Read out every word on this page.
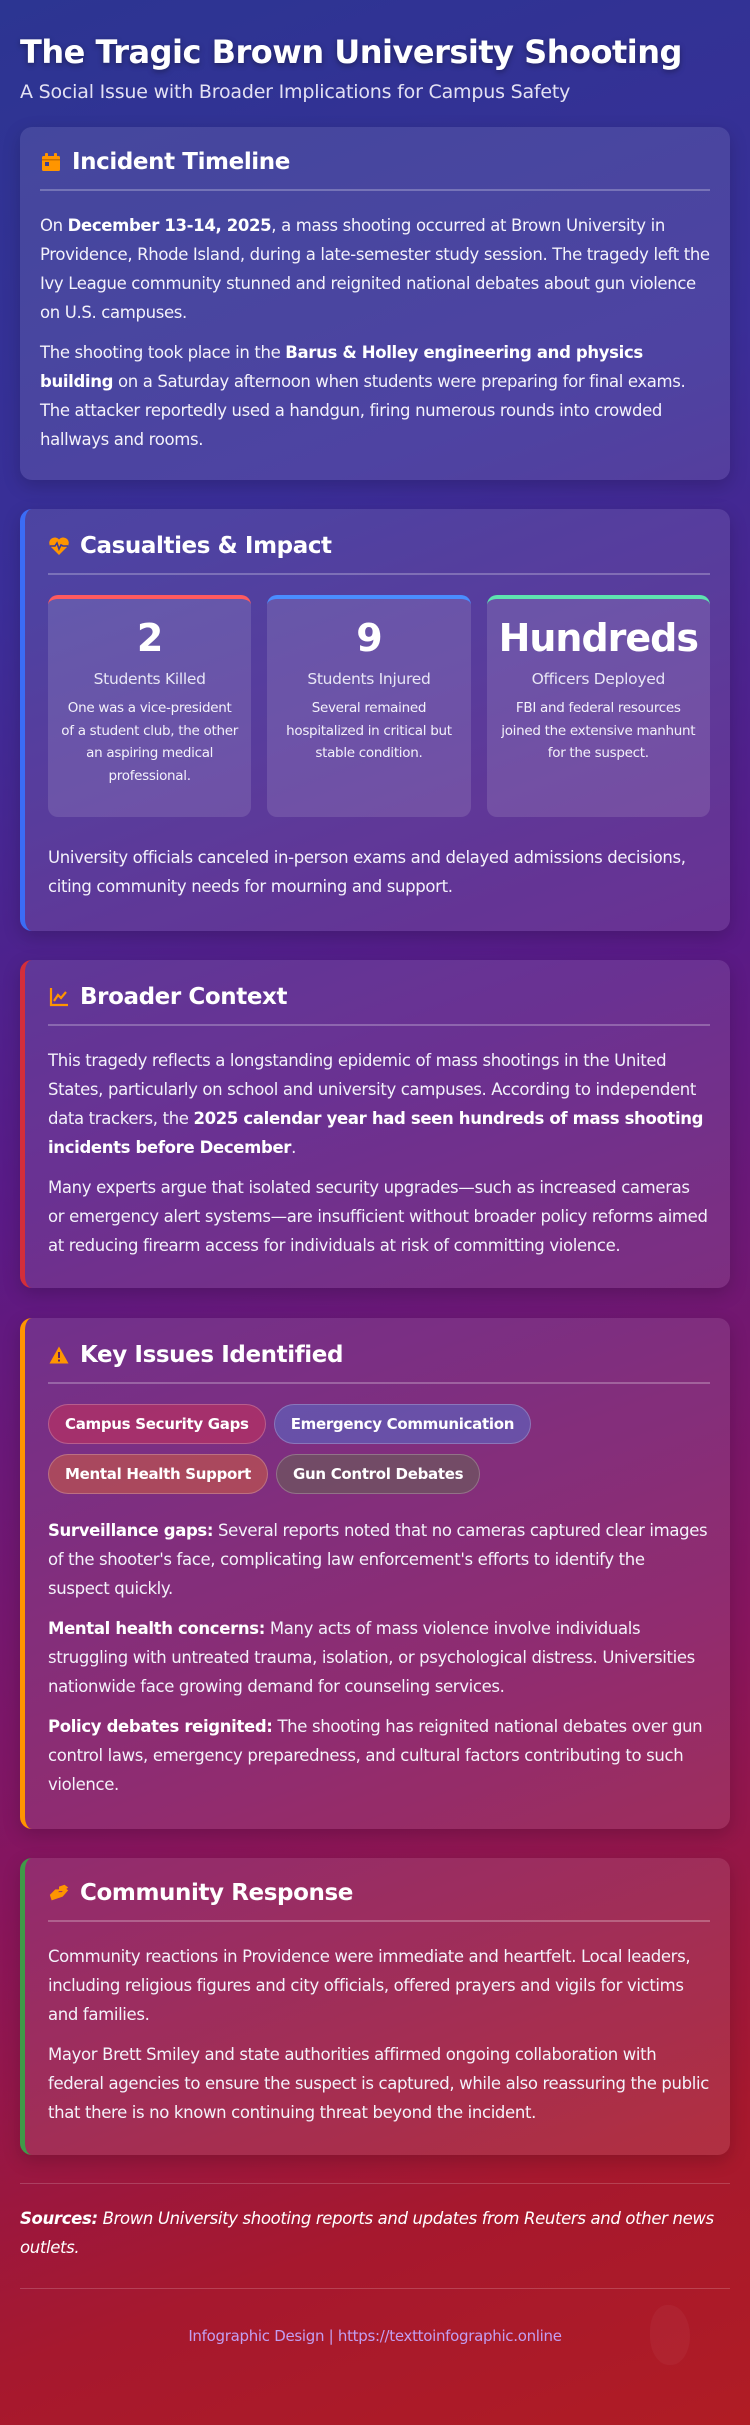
The Tragic Brown University Shooting
A Social Issue with Broader Implications for Campus Safety
Incident Timeline

On December 13-14, 2025, a mass shooting occurred at Brown University in Providence, Rhode Island, during a late-semester study session. The tragedy left the Ivy League community stunned and reignited national debates about gun violence on U.S. campuses.

The shooting took place in the Barus & Holley engineering and physics building on a Saturday afternoon when students were preparing for final exams. The attacker reportedly used a handgun, firing numerous rounds into crowded hallways and rooms.

Casualties & Impact
2
Students Killed
One was a vice-president of a student club, the other an aspiring medical professional.
9
Students Injured
Several remained hospitalized in critical but stable condition.
Hundreds
Officers Deployed
FBI and federal resources joined the extensive manhunt for the suspect.

University officials canceled in-person exams and delayed admissions decisions, citing community needs for mourning and support.

Broader Context

This tragedy reflects a longstanding epidemic of mass shootings in the United States, particularly on school and university campuses. According to independent data trackers, the 2025 calendar year had seen hundreds of mass shooting incidents before December.

Many experts argue that isolated security upgrades—such as increased cameras or emergency alert systems—are insufficient without broader policy reforms aimed at reducing firearm access for individuals at risk of committing violence.

Key Issues Identified
Campus Security Gaps	Emergency Communication
Mental Health Support	Gun Control Debates

Surveillance gaps: Several reports noted that no cameras captured clear images of the shooter's face, complicating law enforcement's efforts to identify the suspect quickly.

Mental health concerns: Many acts of mass violence involve individuals struggling with untreated trauma, isolation, or psychological distress. Universities nationwide face growing demand for counseling services.

Policy debates reignited: The shooting has reignited national debates over gun control laws, emergency preparedness, and cultural factors contributing to such violence.

Community Response

Community reactions in Providence were immediate and heartfelt. Local leaders, including religious figures and city officials, offered prayers and vigils for victims and families.

Mayor Brett Smiley and state authorities affirmed ongoing collaboration with federal agencies to ensure the suspect is captured, while also reassuring the public that there is no known continuing threat beyond the incident.

Sources: Brown University shooting reports and updates from Reuters and other news outlets.
Infographic Design | https://texttoinfographic.online
